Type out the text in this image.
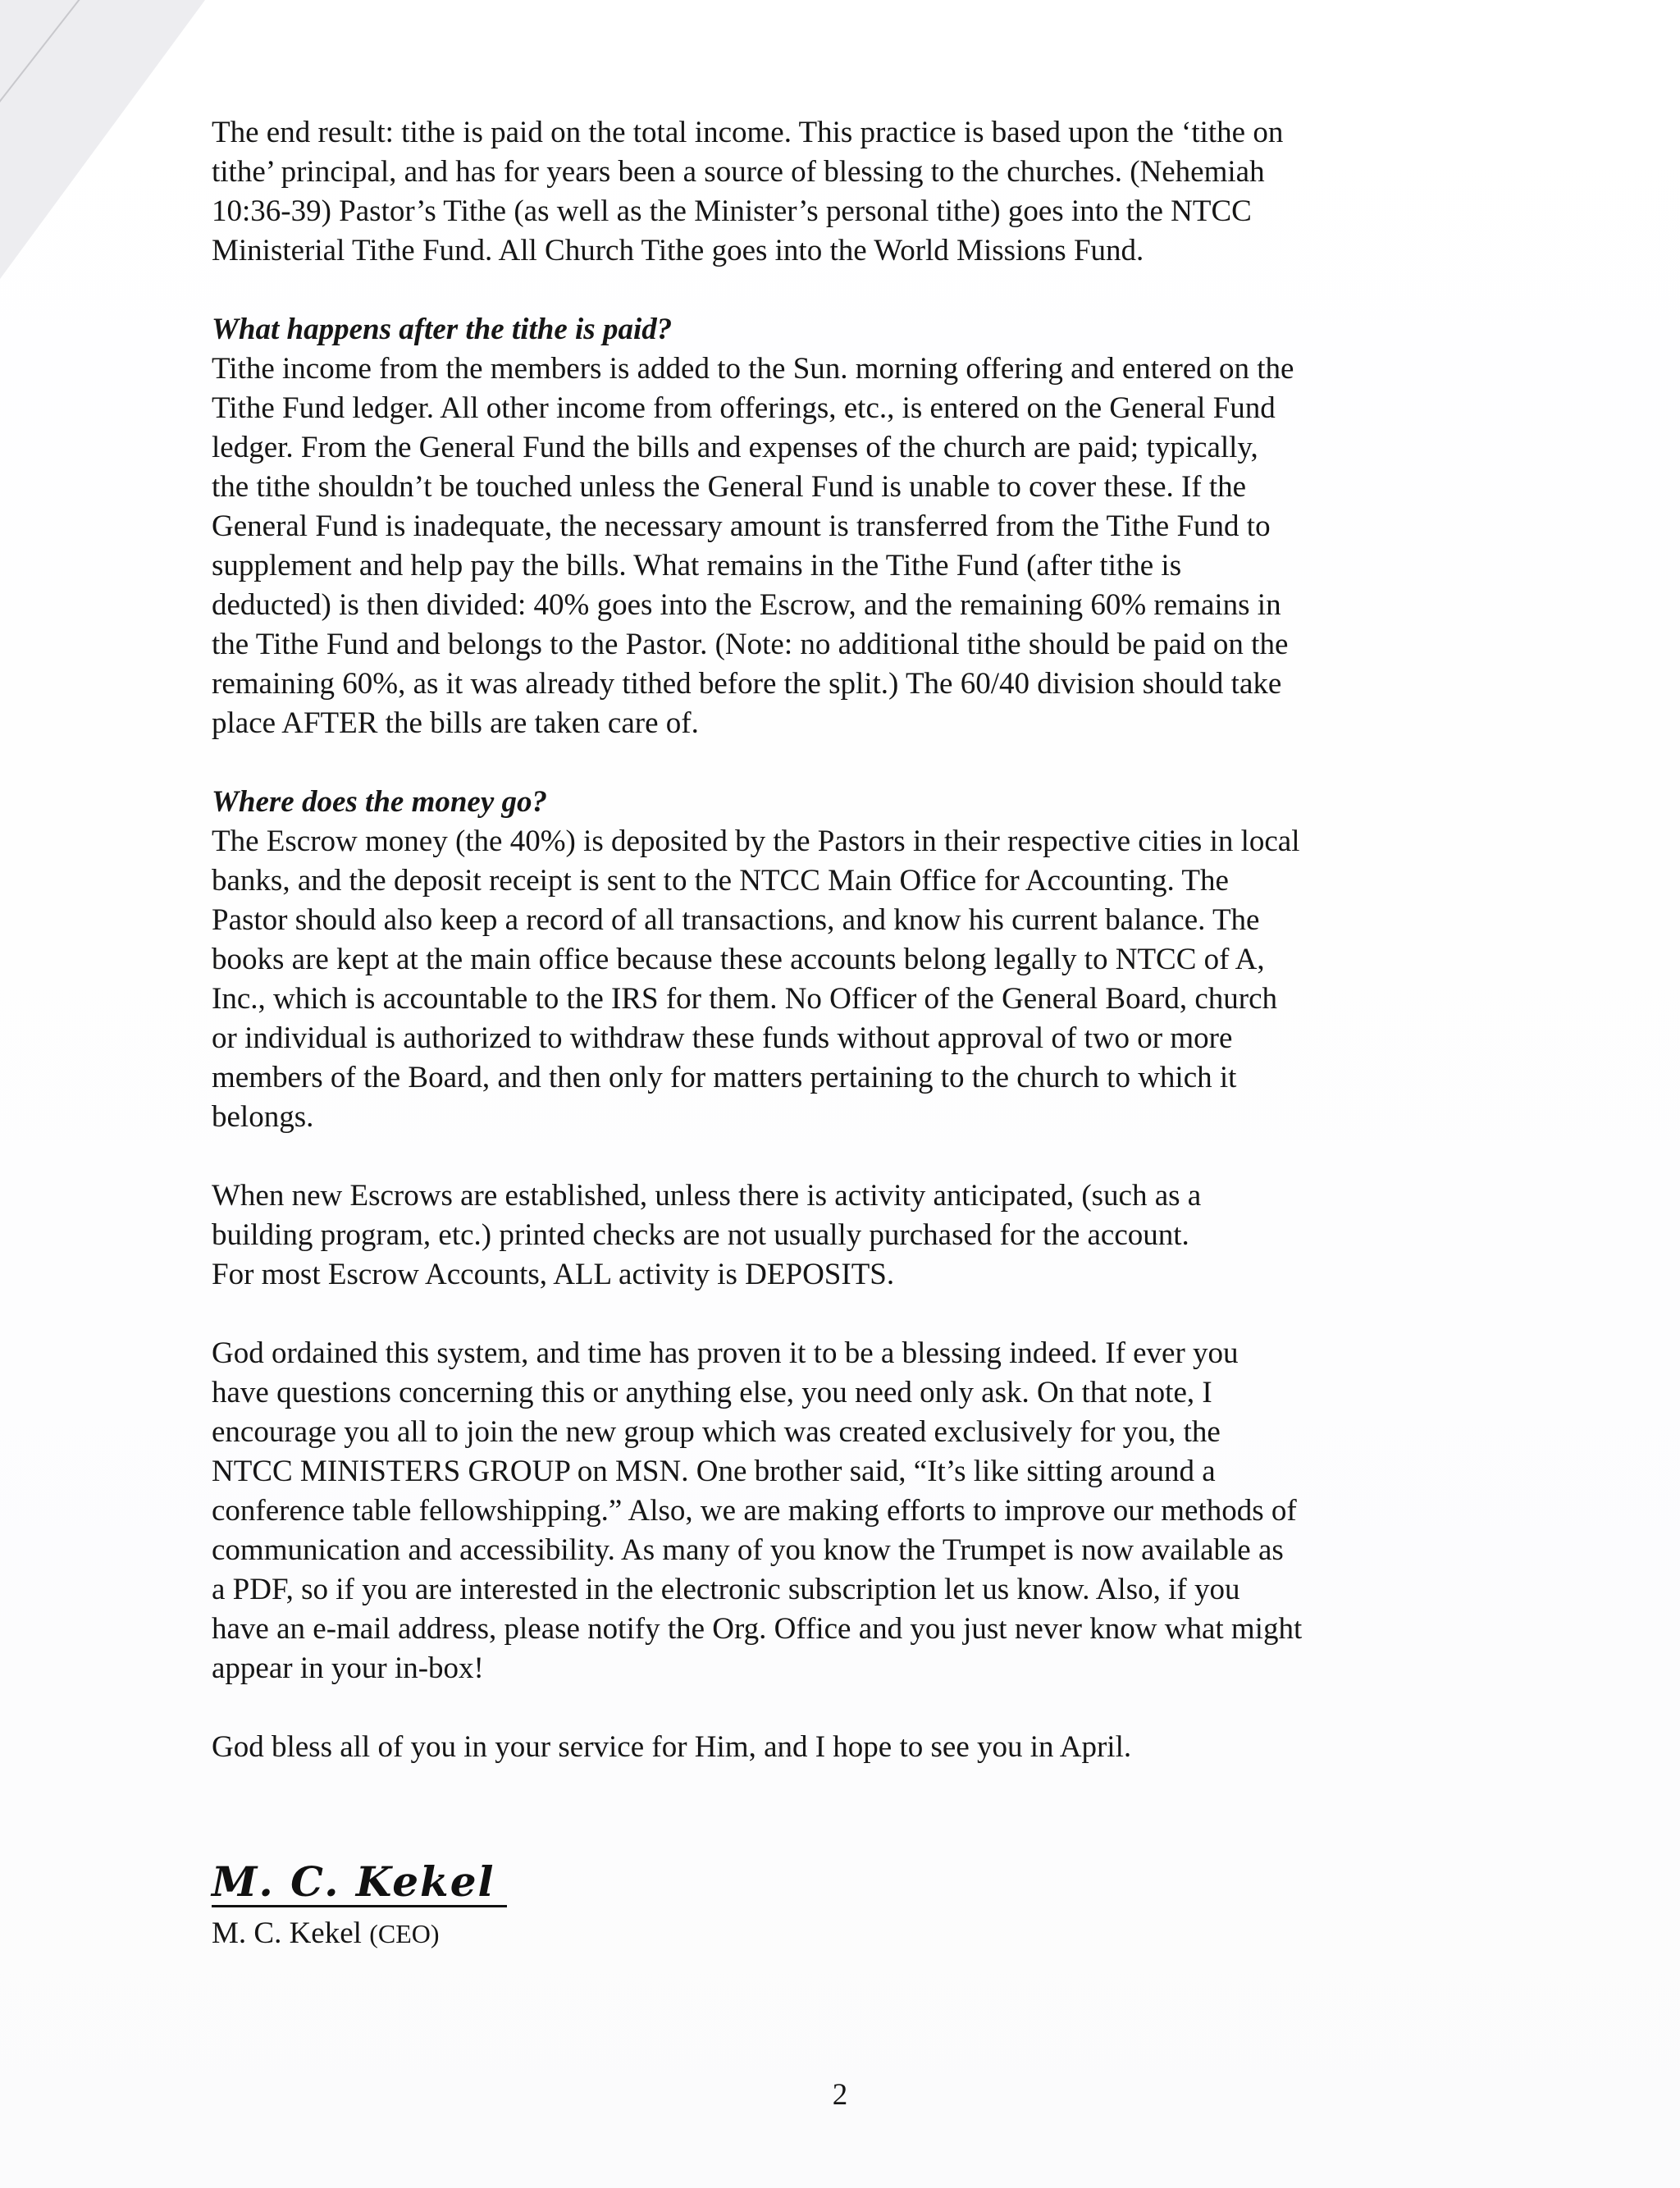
The end result: tithe is paid on the total income. This practice is based upon the ‘tithe on
tithe’ principal, and has for years been a source of blessing to the churches. (Nehemiah
10:36-39) Pastor’s Tithe (as well as the Minister’s personal tithe) goes into the NTCC
Ministerial Tithe Fund. All Church Tithe goes into the World Missions Fund.

What happens after the tithe is paid?

Tithe income from the members is added to the Sun. morning offering and entered on the
Tithe Fund ledger. All other income from offerings, etc., is entered on the General Fund
ledger. From the General Fund the bills and expenses of the church are paid; typically,
the tithe shouldn’t be touched unless the General Fund is unable to cover these. If the
General Fund is inadequate, the necessary amount is transferred from the Tithe Fund to
supplement and help pay the bills. What remains in the Tithe Fund (after tithe is
deducted) is then divided: 40% goes into the Escrow, and the remaining 60% remains in
the Tithe Fund and belongs to the Pastor. (Note: no additional tithe should be paid on the
remaining 60%, as it was already tithed before the split.) The 60/40 division should take
place AFTER the bills are taken care of.

Where does the money go?

The Escrow money (the 40%) is deposited by the Pastors in their respective cities in local
banks, and the deposit receipt is sent to the NTCC Main Office for Accounting. The
Pastor should also keep a record of all transactions, and know his current balance. The
books are kept at the main office because these accounts belong legally to NTCC of A,
Inc., which is accountable to the IRS for them. No Officer of the General Board, church
or individual is authorized to withdraw these funds without approval of two or more
members of the Board, and then only for matters pertaining to the church to which it
belongs.

When new Escrows are established, unless there is activity anticipated, (such as a
building program, etc.) printed checks are not usually purchased for the account.
For most Escrow Accounts, ALL activity is DEPOSITS.

God ordained this system, and time has proven it to be a blessing indeed. If ever you
have questions concerning this or anything else, you need only ask. On that note, I
encourage you all to join the new group which was created exclusively for you, the
NTCC MINISTERS GROUP on MSN. One brother said, “It’s like sitting around a
conference table fellowshipping.” Also, we are making efforts to improve our methods of
communication and accessibility. As many of you know the Trumpet is now available as
a PDF, so if you are interested in the electronic subscription let us know. Also, if you
have an e-mail address, please notify the Org. Office and you just never know what might
appear in your in-box!

God bless all of you in your service for Him, and I hope to see you in April.

M. C. Kekel

M. C. Kekel (CEO)

2
